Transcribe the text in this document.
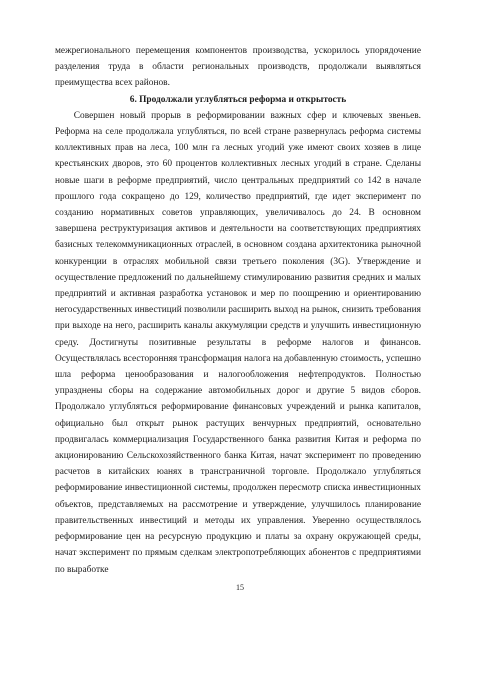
межрегионального перемещения компонентов производства, ускорилось упорядочение разделения труда в области региональных производств, продолжали выявляться преимущества всех районов.

6. Продолжали углубляться реформа и открытость

Совершен новый прорыв в реформировании важных сфер и ключевых звеньев. Реформа на селе продолжала углубляться, по всей стране развернулась реформа системы коллективных прав на леса, 100 млн га лесных угодий уже имеют своих хозяев в лице крестьянских дворов, это 60 процентов коллективных лесных угодий в стране. Сделаны новые шаги в реформе предприятий, число центральных предприятий со 142 в начале прошлого года сокращено до 129, количество предприятий, где идет эксперимент по созданию нормативных советов управляющих, увеличивалось до 24. В основном завершена реструктуризация активов и деятельности на соответствующих предприятиях базисных телекоммуникационных отраслей, в основном создана архитектоника рыночной конкуренции в отраслях мобильной связи третьего поколения (3G). Утверждение и осуществление предложений по дальнейшему стимулированию развития средних и малых предприятий и активная разработка установок и мер по поощрению и ориентированию негосударственных инвестиций позволили расширить выход на рынок, снизить требования при выходе на него, расширить каналы аккумуляции средств и улучшить инвестиционную среду. Достигнуты позитивные результаты в реформе налогов и финансов. Осуществлялась всесторонняя трансформация налога на добавленную стоимость, успешно шла реформа ценообразования и налогообложения нефтепродуктов. Полностью упразднены сборы на содержание автомобильных дорог и другие 5 видов сборов. Продолжало углубляться реформирование финансовых учреждений и рынка капиталов, официально был открыт рынок растущих венчурных предприятий, основательно продвигалась коммерциализация Государственного банка развития Китая и реформа по акционированию Сельскохозяйственного банка Китая, начат эксперимент по проведению расчетов в китайских юанях в трансграничной торговле. Продолжало углубляться реформирование инвестиционной системы, продолжен пересмотр списка инвестиционных объектов, представляемых на рассмотрение и утверждение, улучшилось планирование правительственных инвестиций и методы их управления. Уверенно осуществлялось реформирование цен на ресурсную продукцию и платы за охрану окружающей среды, начат эксперимент по прямым сделкам электропотребляющих абонентов с предприятиями по выработке

15
